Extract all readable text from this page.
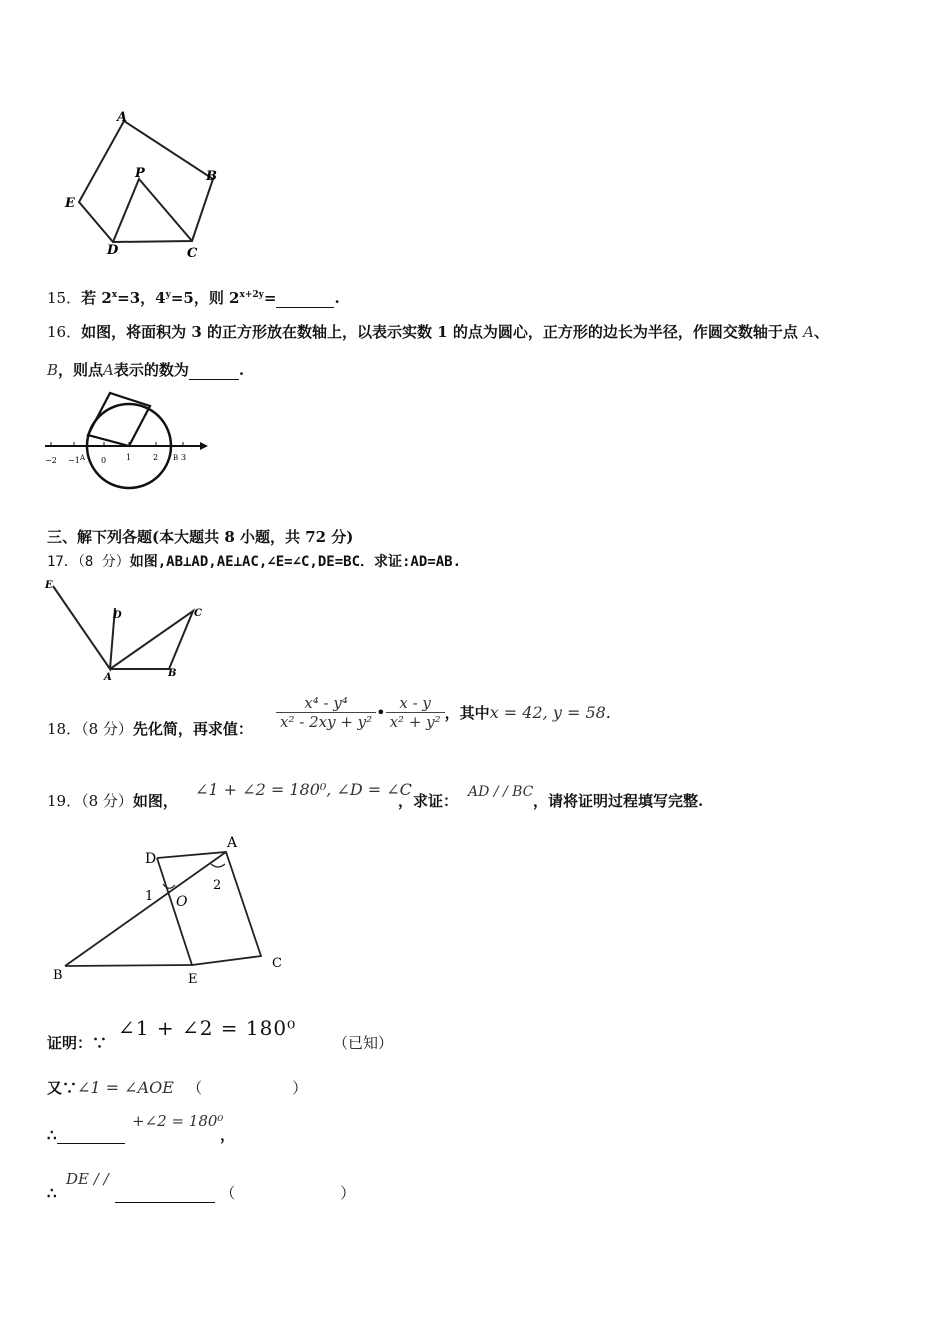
A
B
C
D
E
P
15．若 $2^x=3$，$4^y=5$，则 $2^{x+2y}=$	.
16．如图，将面积为 3 的正方形放在数轴上，以表示实数 1 的点为圆心，正方形的边长为半径，作圆交数轴于点 A、
B，则点A表示的数为	.
−2 −1 A 0 1	2 B 3
三、解下列各题(本大题共 8 小题，共 72 分)
17．（8 分）如图,AB⊥AD,AE⊥AC,∠E=∠C,DE=BC．求证:AD=AB.
E
D	C
A	B
18．（8 分）先化简，再求值： $\frac{\text{x⁴ - y⁴}}{\text{x² - 2xy + y²}}$ • $\frac{x - y}{\text{x² + y²}}$ ，其中x = 42, y = 58.
19．（8 分）如图，
∠1 + ∠2 = 180⁰, ∠D = ∠C
，求证： AD / / BC ，请将证明过程填写完整.
D
A
1
2
O
B	E
C
证明：∵
∠1 + ∠2 = 180⁰
（已知）
又∵∠1 = ∠AOE （	）
∴
+∠2 = 180⁰
，
∴
DE / /
（	）
